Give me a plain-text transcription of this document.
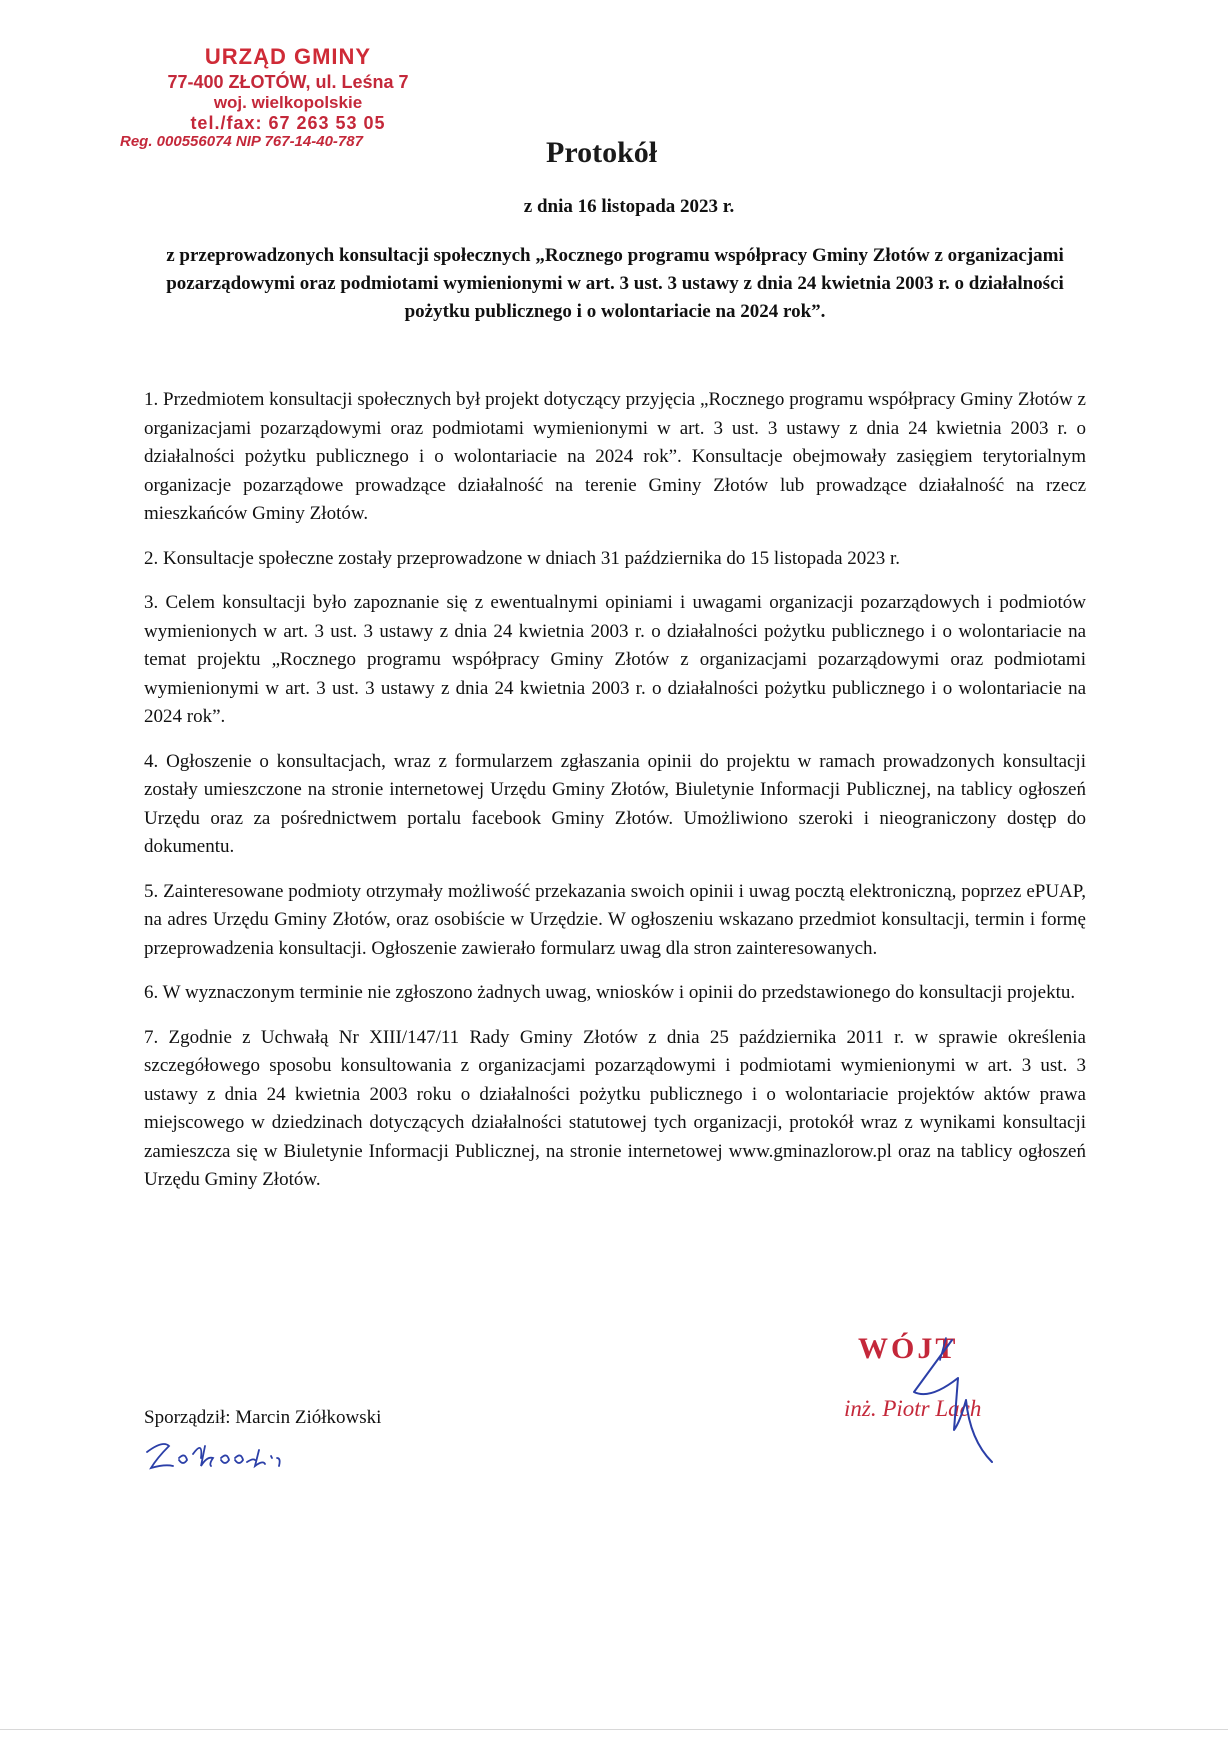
URZĄD GMINY
77-400 ZŁOTÓW, ul. Leśna 7
woj. wielkopolskie
tel./fax: 67 263 53 05
Reg. 000556074 NIP 767-14-40-787	Protokół
z dnia 16 listopada 2023 r.
z przeprowadzonych konsultacji społecznych „Rocznego programu współpracy Gminy Złotów z organizacjami pozarządowymi oraz podmiotami wymienionymi w art. 3 ust. 3 ustawy z dnia 24 kwietnia 2003 r. o działalności pożytku publicznego i o wolontariacie na 2024 rok”.

1. Przedmiotem konsultacji społecznych był projekt dotyczący przyjęcia „Rocznego programu współpracy Gminy Złotów z organizacjami pozarządowymi oraz podmiotami wymienionymi w art. 3 ust. 3 ustawy z dnia 24 kwietnia 2003 r. o działalności pożytku publicznego i o wolontariacie na 2024 rok”. Konsultacje obejmowały zasięgiem terytorialnym organizacje pozarządowe prowadzące działalność na terenie Gminy Złotów lub prowadzące działalność na rzecz mieszkańców Gminy Złotów.

2. Konsultacje społeczne zostały przeprowadzone w dniach 31 października do 15 listopada 2023 r.

3. Celem konsultacji było zapoznanie się z ewentualnymi opiniami i uwagami organizacji pozarządowych i podmiotów wymienionych w art. 3 ust. 3 ustawy z dnia 24 kwietnia 2003 r. o działalności pożytku publicznego i o wolontariacie na temat projektu „Rocznego programu współpracy Gminy Złotów z organizacjami pozarządowymi oraz podmiotami wymienionymi w art. 3 ust. 3 ustawy z dnia 24 kwietnia 2003 r. o działalności pożytku publicznego i o wolontariacie na 2024 rok”.

4. Ogłoszenie o konsultacjach, wraz z formularzem zgłaszania opinii do projektu w ramach prowadzonych konsultacji zostały umieszczone na stronie internetowej Urzędu Gminy Złotów, Biuletynie Informacji Publicznej, na tablicy ogłoszeń Urzędu oraz za pośrednictwem portalu facebook Gminy Złotów. Umożliwiono szeroki i nieograniczony dostęp do dokumentu.

5. Zainteresowane podmioty otrzymały możliwość przekazania swoich opinii i uwag pocztą elektroniczną, poprzez ePUAP, na adres Urzędu Gminy Złotów, oraz osobiście w Urzędzie. W ogłoszeniu wskazano przedmiot konsultacji, termin i formę przeprowadzenia konsultacji. Ogłoszenie zawierało formularz uwag dla stron zainteresowanych.

6. W wyznaczonym terminie nie zgłoszono żadnych uwag, wniosków i opinii do przedstawionego do konsultacji projektu.

7. Zgodnie z Uchwałą Nr XIII/147/11 Rady Gminy Złotów z dnia 25 października 2011 r. w sprawie określenia szczegółowego sposobu konsultowania z organizacjami pozarządowymi i podmiotami wymienionymi w art. 3 ust. 3 ustawy z dnia 24 kwietnia 2003 roku o działalności pożytku publicznego i o wolontariacie projektów aktów prawa miejscowego w dziedzinach dotyczących działalności statutowej tych organizacji, protokół wraz z wynikami konsultacji zamieszcza się w Biuletynie Informacji Publicznej, na stronie internetowej www.gminazlorow.pl oraz na tablicy ogłoszeń Urzędu Gminy Złotów.

Sporządził: Marcin Ziółkowski
WÓJT
inż. Piotr Lach
